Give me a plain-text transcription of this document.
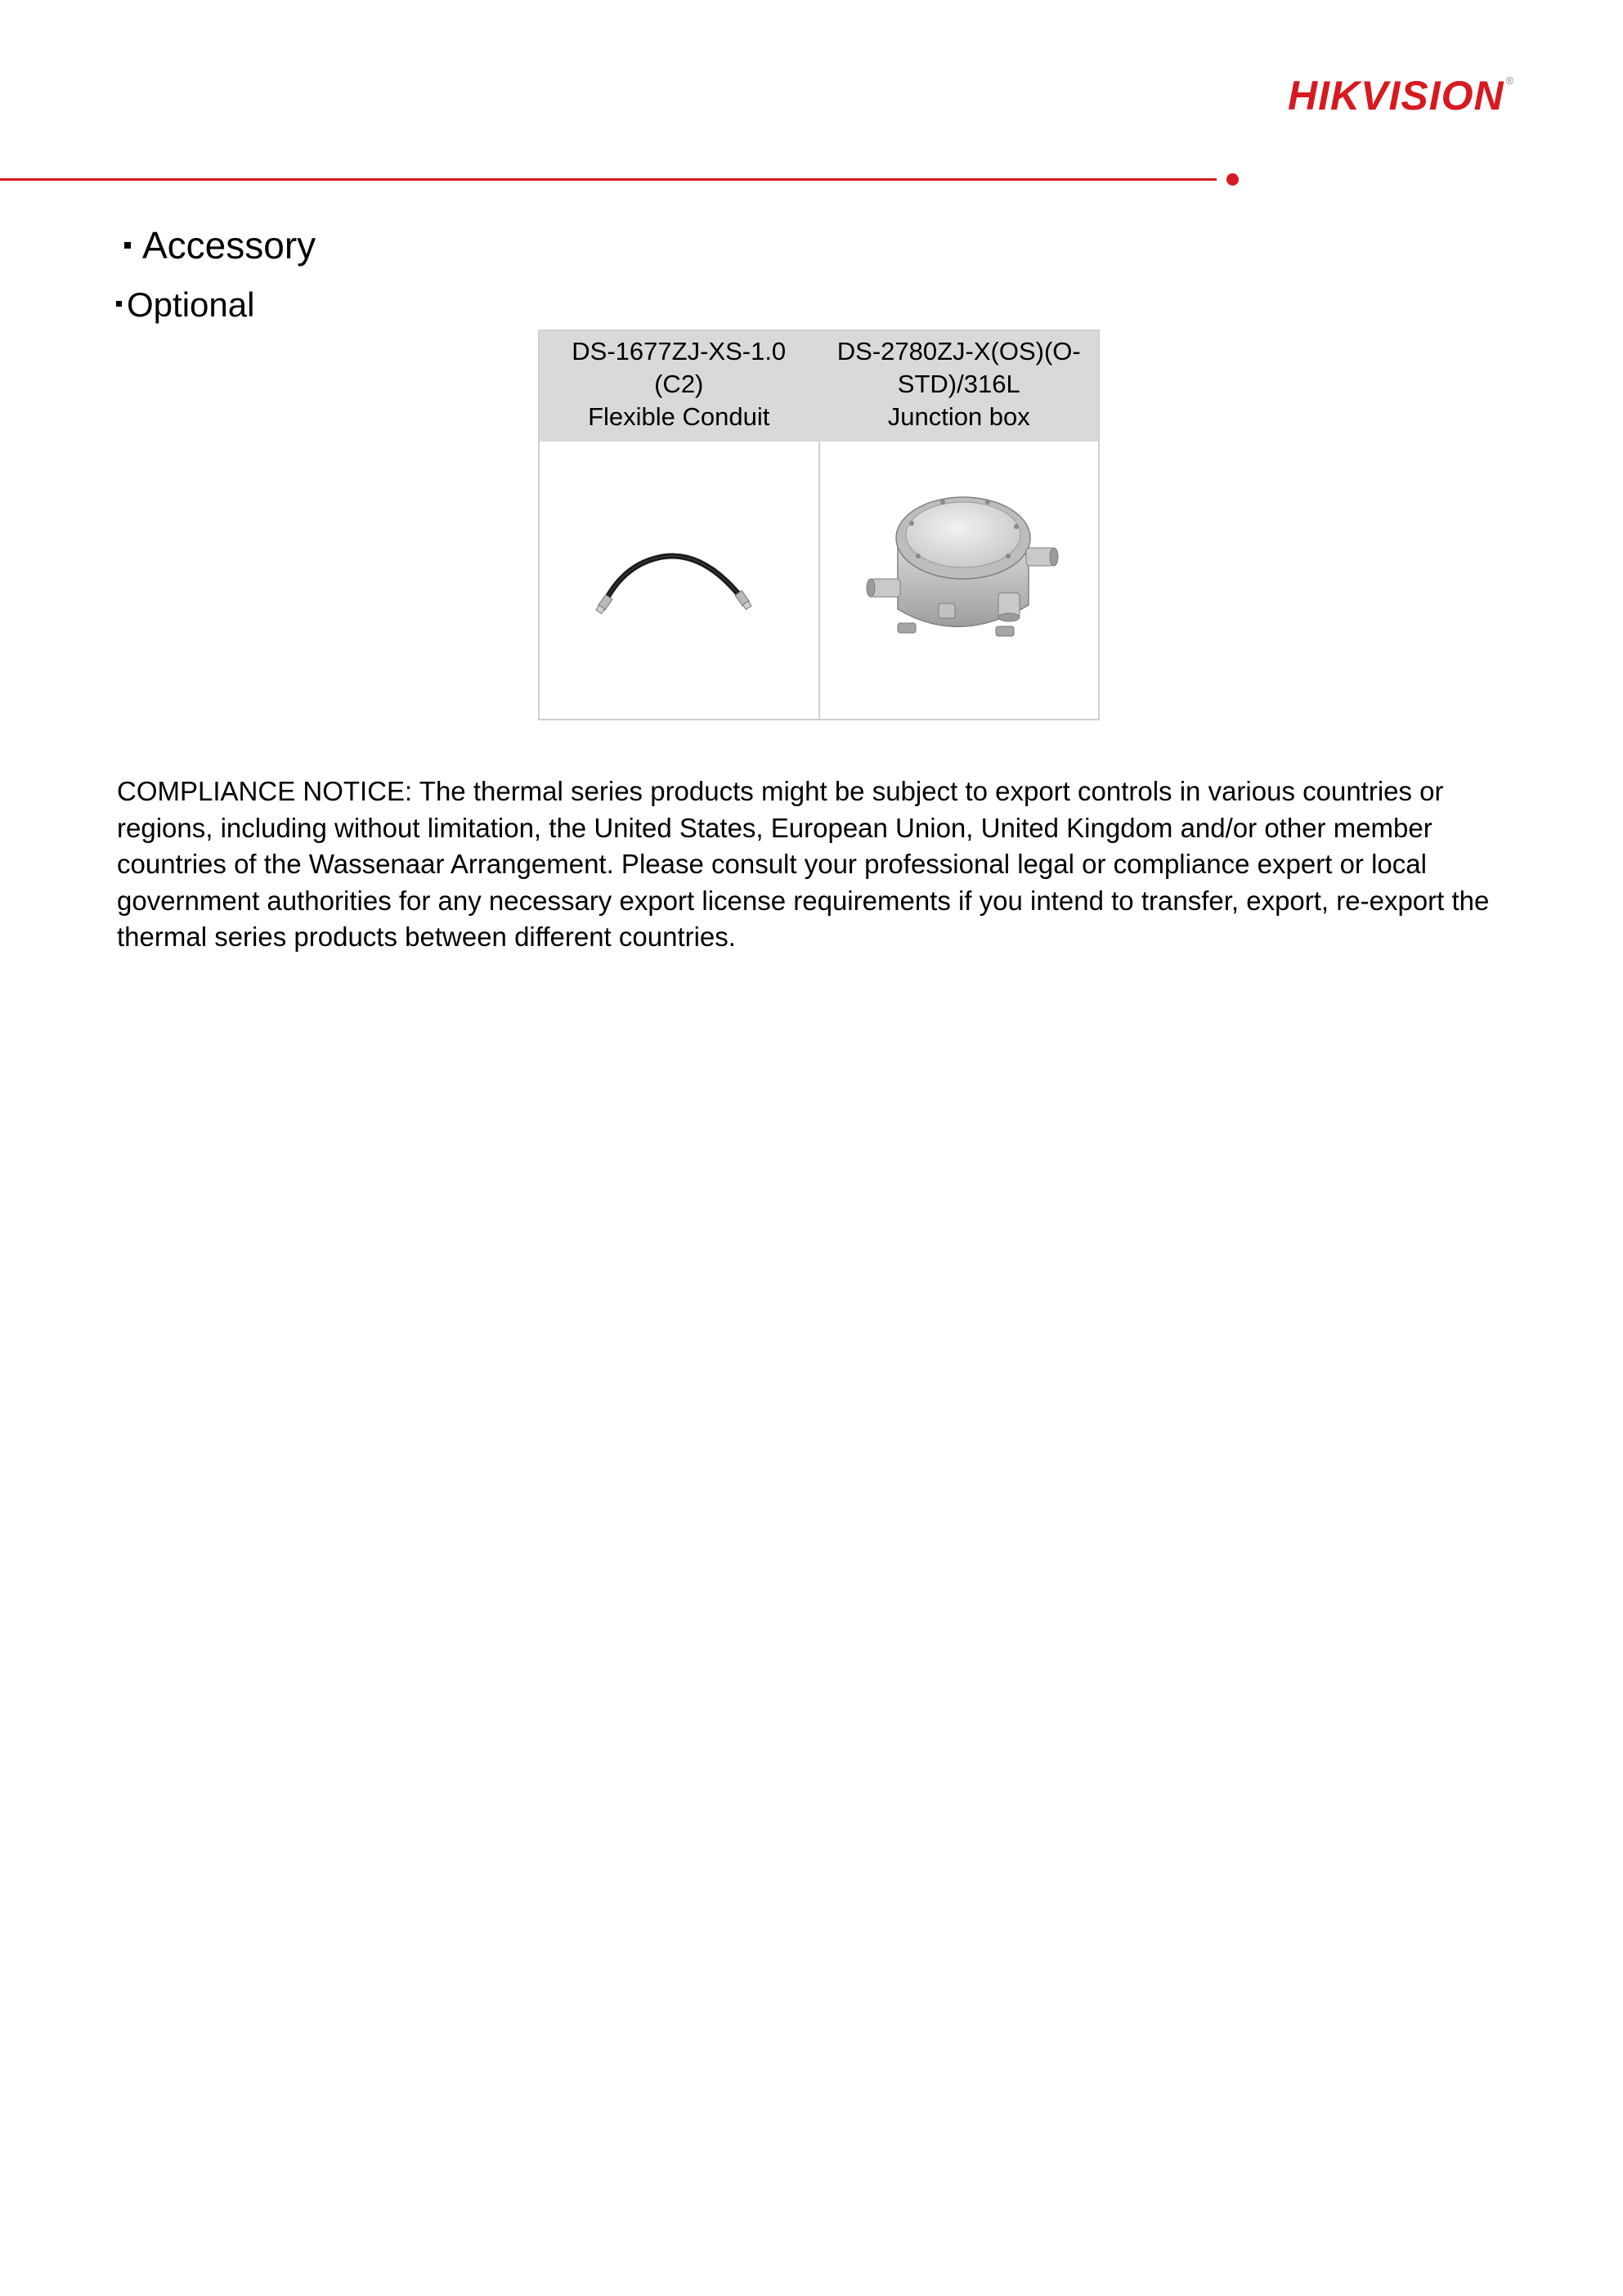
HIKVISION ®
Accessory
Optional
DS-1677ZJ-XS-1.0
(C2)
Flexible Conduit
DS-2780ZJ-X(OS)(O-
STD)/316L
Junction box
COMPLIANCE NOTICE: The thermal series products might be subject to export controls in various countries or
regions, including without limitation, the United States, European Union, United Kingdom and/or other member
countries of the Wassenaar Arrangement. Please consult your professional legal or compliance expert or local
government authorities for any necessary export license requirements if you intend to transfer, export, re-export the
thermal series products between different countries.
